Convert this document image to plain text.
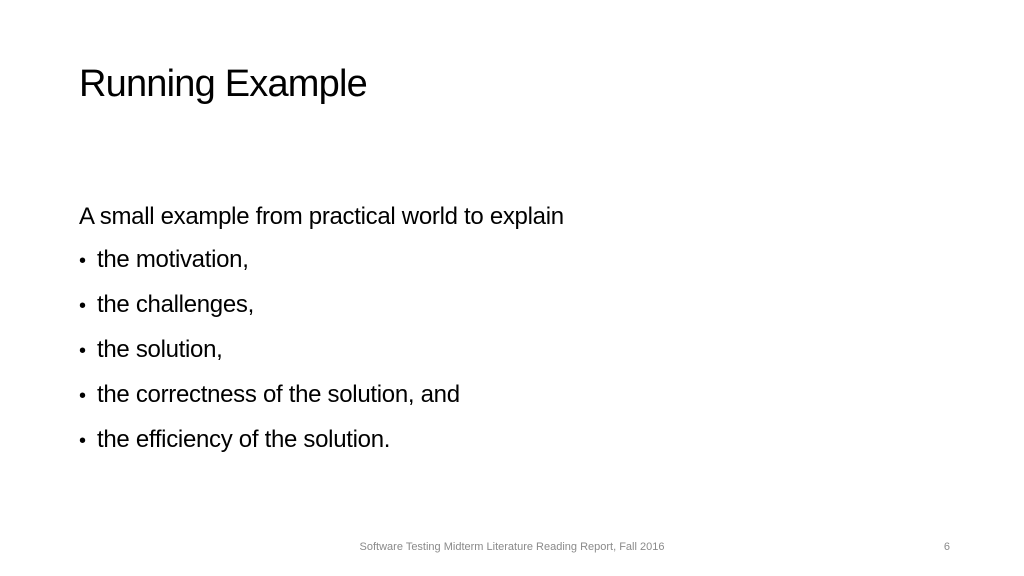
Running Example

A small example from practical world to explain

• the motivation,
• the challenges,
• the solution,
• the correctness of the solution, and
• the efficiency of the solution.
Software Testing Midterm Literature Reading Report, Fall 2016	6
